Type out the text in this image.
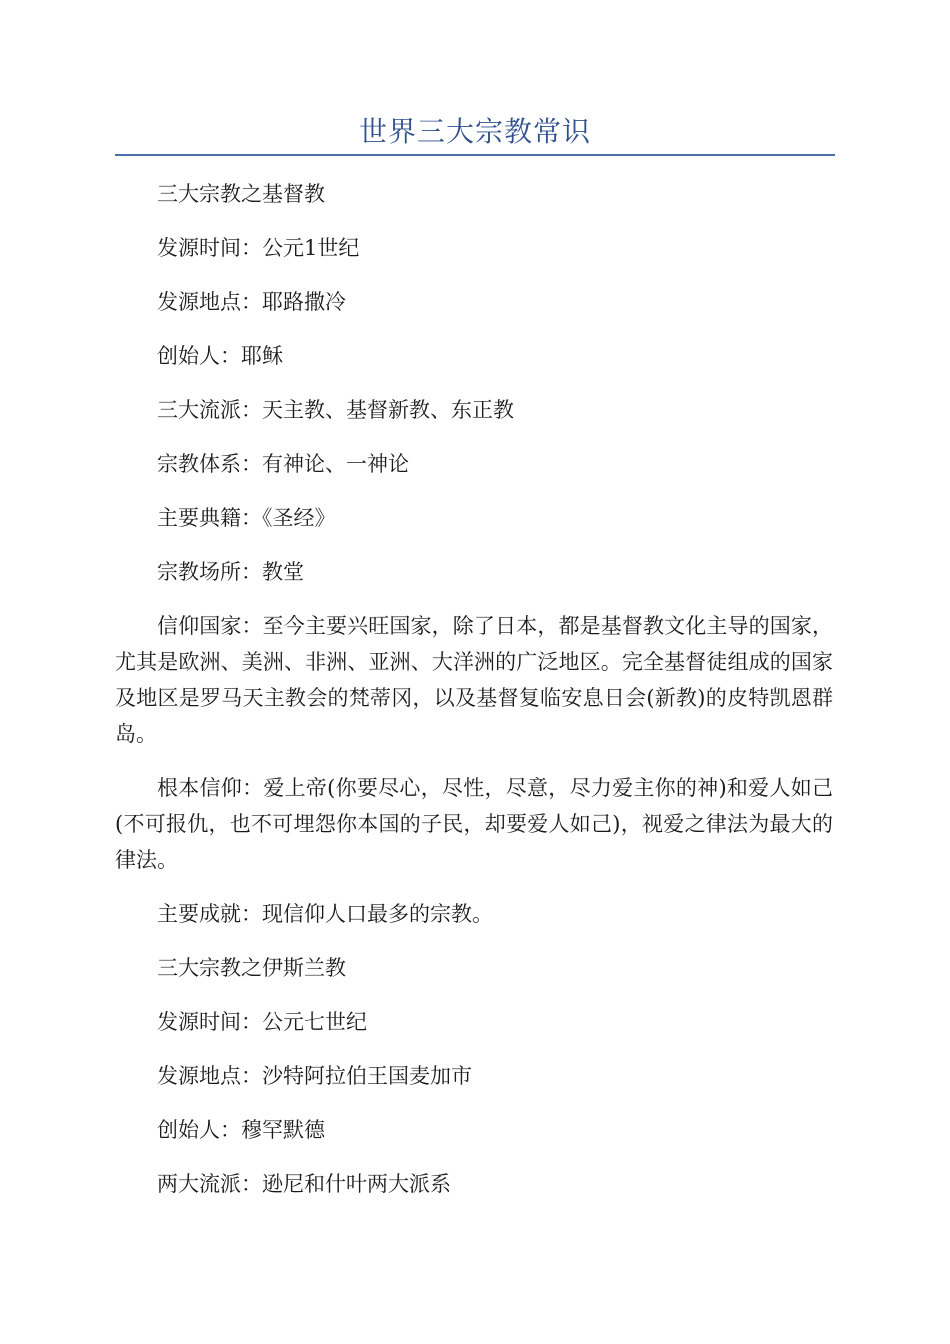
世界三大宗教常识

三大宗教之基督教

发源时间：公元1世纪

发源地点：耶路撒冷

创始人：耶稣

三大流派：天主教、基督新教、东正教

宗教体系：有神论、一神论

主要典籍：《圣经》

宗教场所：教堂

信仰国家：至今主要兴旺国家，除了日本，都是基督教文化主导的国家，尤其是欧洲、美洲、非洲、亚洲、大洋洲的广泛地区。完全基督徒组成的国家及地区是罗马天主教会的梵蒂冈，以及基督复临安息日会(新教)的皮特凯恩群岛。

根本信仰：爱上帝(你要尽心，尽性，尽意，尽力爱主你的神)和爱人如己(不可报仇，也不可埋怨你本国的子民，却要爱人如己)，视爱之律法为最大的律法。

主要成就：现信仰人口最多的宗教。

三大宗教之伊斯兰教

发源时间：公元七世纪

发源地点：沙特阿拉伯王国麦加市

创始人：穆罕默德

两大流派：逊尼和什叶两大派系
